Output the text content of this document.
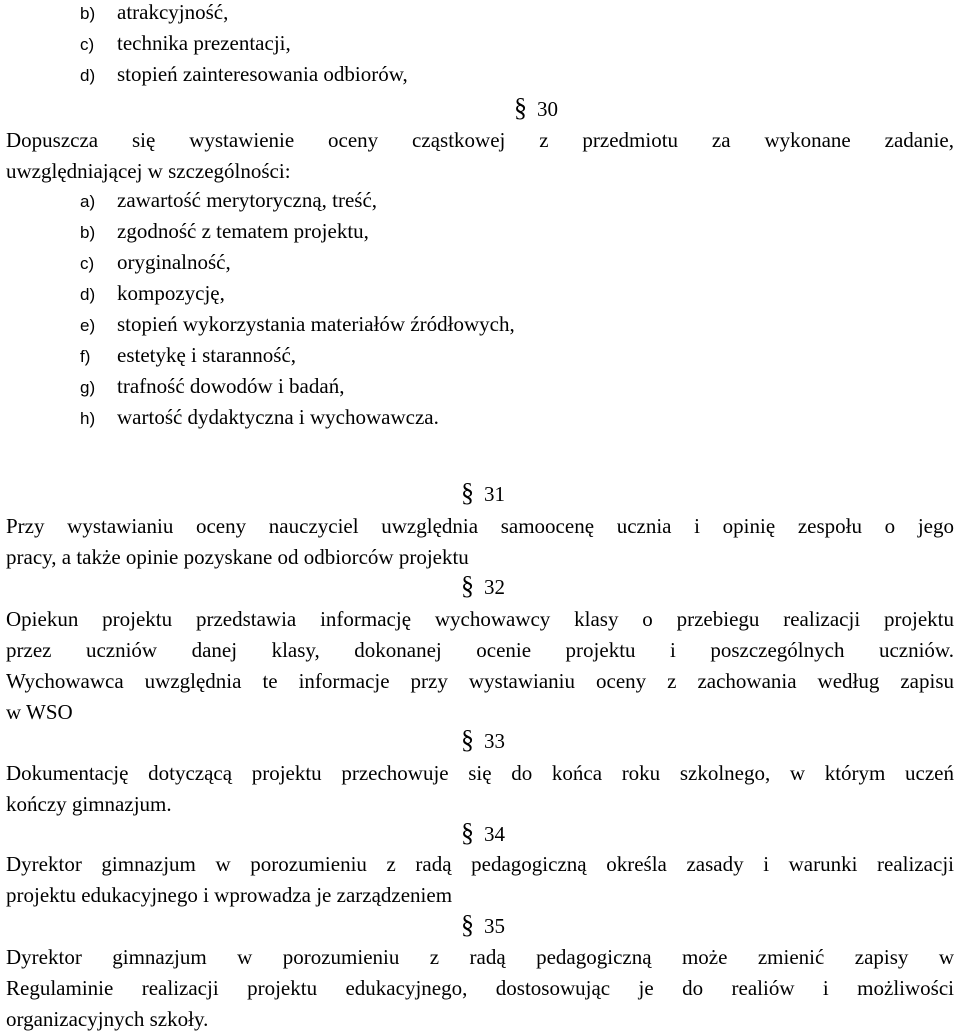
b) atrakcyjność,
c) technika prezentacji,
d) stopień zainteresowania odbiorów,
§ 30
Dopuszcza się wystawienie oceny cząstkowej z przedmiotu za wykonane zadanie,
uwzględniającej w szczególności:
a) zawartość merytoryczną, treść,
b) zgodność z tematem projektu,
c) oryginalność,
d) kompozycję,
e) stopień wykorzystania materiałów źródłowych,
f) estetykę i staranność,
g) trafność dowodów i badań,
h) wartość dydaktyczna i wychowawcza.
§ 31
Przy wystawianiu oceny nauczyciel uwzględnia samoocenę ucznia i opinię zespołu o jego
pracy, a także opinie pozyskane od odbiorców projektu
§ 32
Opiekun projektu przedstawia informację wychowawcy klasy o przebiegu realizacji projektu
przez uczniów danej klasy, dokonanej ocenie projektu i poszczególnych uczniów.
Wychowawca uwzględnia te informacje przy wystawianiu oceny z zachowania według zapisu
w WSO
§ 33
Dokumentację dotyczącą projektu przechowuje się do końca roku szkolnego, w którym uczeń
kończy gimnazjum.
§ 34
Dyrektor gimnazjum w porozumieniu z radą pedagogiczną określa zasady i warunki realizacji
projektu edukacyjnego i wprowadza je zarządzeniem
§ 35
Dyrektor gimnazjum w porozumieniu z radą pedagogiczną może zmienić zapisy w
Regulaminie realizacji projektu edukacyjnego, dostosowując je do realiów i możliwości
organizacyjnych szkoły.
